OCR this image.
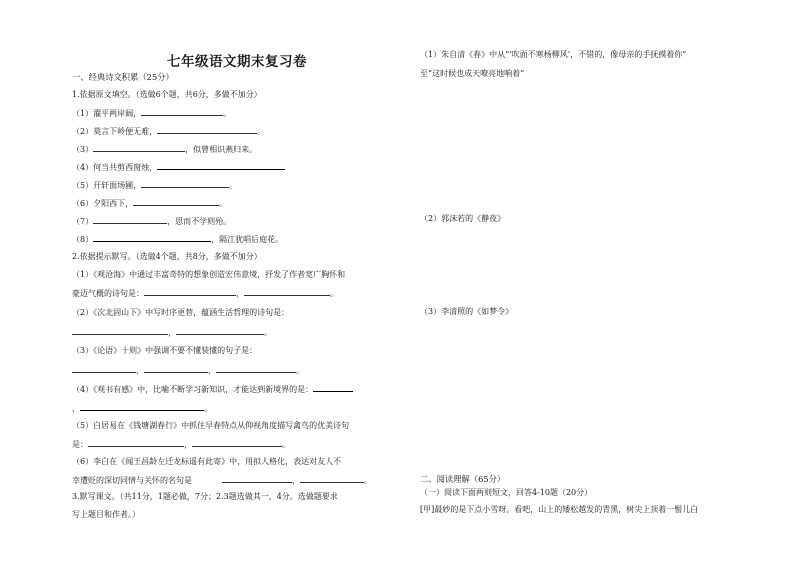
七年级语文期末复习卷
一、经典诗文积累（25分）
1.依据原文填空。（选做6个题，共6分，多做不加分）
（1）濯平两岸阔，	。
（2）莫言下岭便无难，	。
（3）	，似曾相识燕归来。
（4）何当共剪西窗烛，
（5）开轩面场圃，	。
（6）夕阳西下，	。
（7）	，思而不学则殆。
（8）	，隔江犹唱后庭花。
2.依据提示默写。（选做4个题，共8分，多做不加分）
（1）《观沧海》中通过丰富奇特的想象创造宏伟意境，抒发了作者宽广胸怀和
豪迈气概的诗句是：	，	。
（2）《次北固山下》中写时序更替，蕴涵生活哲理的诗句是：
，	。
（3）《论语》十则》中强调不要不懂装懂的句子是：
，	，	。
（4）《观书有感》中，比喻不断学习新知识，才能达到新境界的是：
，	。
（5）白居易在《钱塘湖春行》中抓住早春特点从仰视角度描写禽鸟的优美诗句
是：	，	。
（6）李白在《闻王昌龄左迁龙标遥有此寄》中，用拟人格化，表达对友人不
幸遭贬的深切同情与关怀的名句是	，	。
3.默写课文。（共11分，1题必做，7分；2.3题选做其一，4分。选做题要求
写上题目和作者。）
（1）朱自清《春》中从“‘吹面不寒杨柳风’，不错的，像母亲的手抚摸着你”
至“这时候也成天嘹亮地响着”
（2）郭沫若的《静夜》
（3）李清照的《如梦令》
二、阅读理解（65分）
（一）阅读下面两则短文，回答4-10题（20分）
[甲]最妙的是下点小雪呀。看吧，山上的矮松越发的青黑，树尖上顶着一髻儿白
